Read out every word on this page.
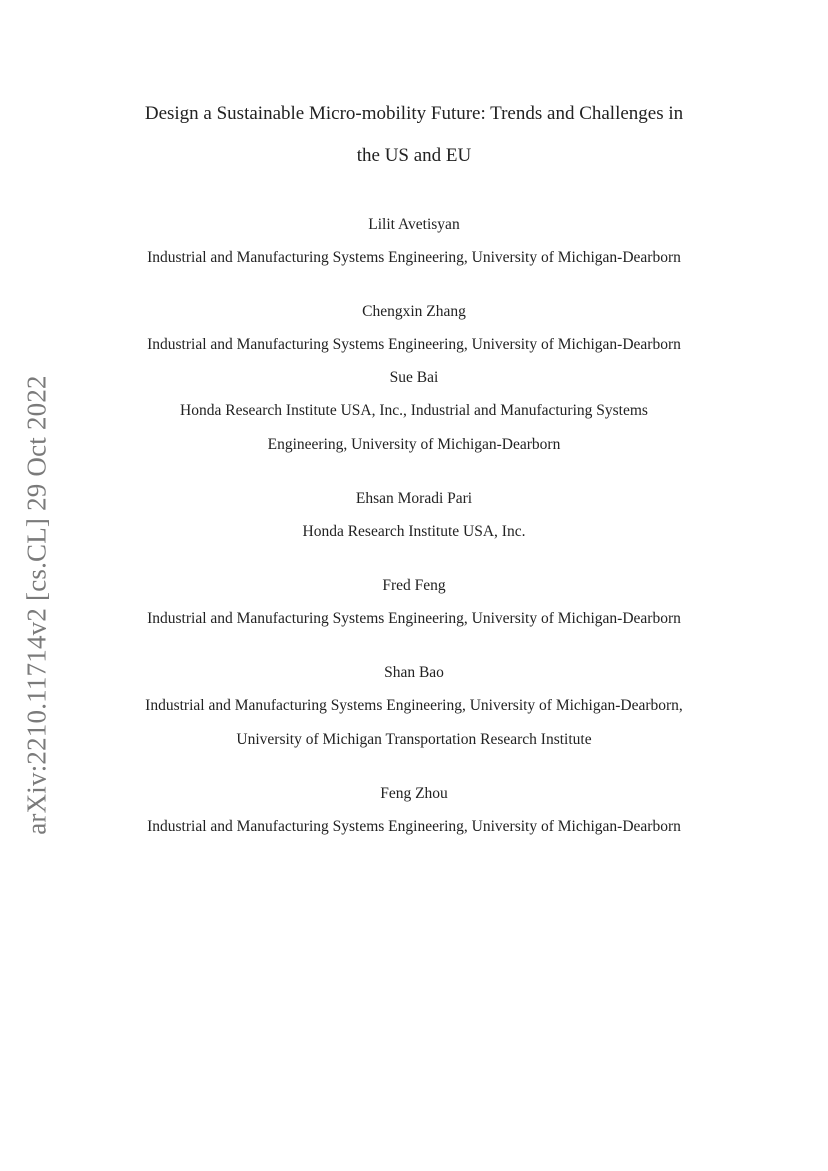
arXiv:2210.11714v2 [cs.CL] 29 Oct 2022
Design a Sustainable Micro-mobility Future: Trends and Challenges in
the US and EU
Lilit Avetisyan
Industrial and Manufacturing Systems Engineering, University of Michigan-Dearborn
Chengxin Zhang
Industrial and Manufacturing Systems Engineering, University of Michigan-Dearborn
Sue Bai
Honda Research Institute USA, Inc., Industrial and Manufacturing Systems
Engineering, University of Michigan-Dearborn
Ehsan Moradi Pari
Honda Research Institute USA, Inc.
Fred Feng
Industrial and Manufacturing Systems Engineering, University of Michigan-Dearborn
Shan Bao
Industrial and Manufacturing Systems Engineering, University of Michigan-Dearborn,
University of Michigan Transportation Research Institute
Feng Zhou
Industrial and Manufacturing Systems Engineering, University of Michigan-Dearborn
